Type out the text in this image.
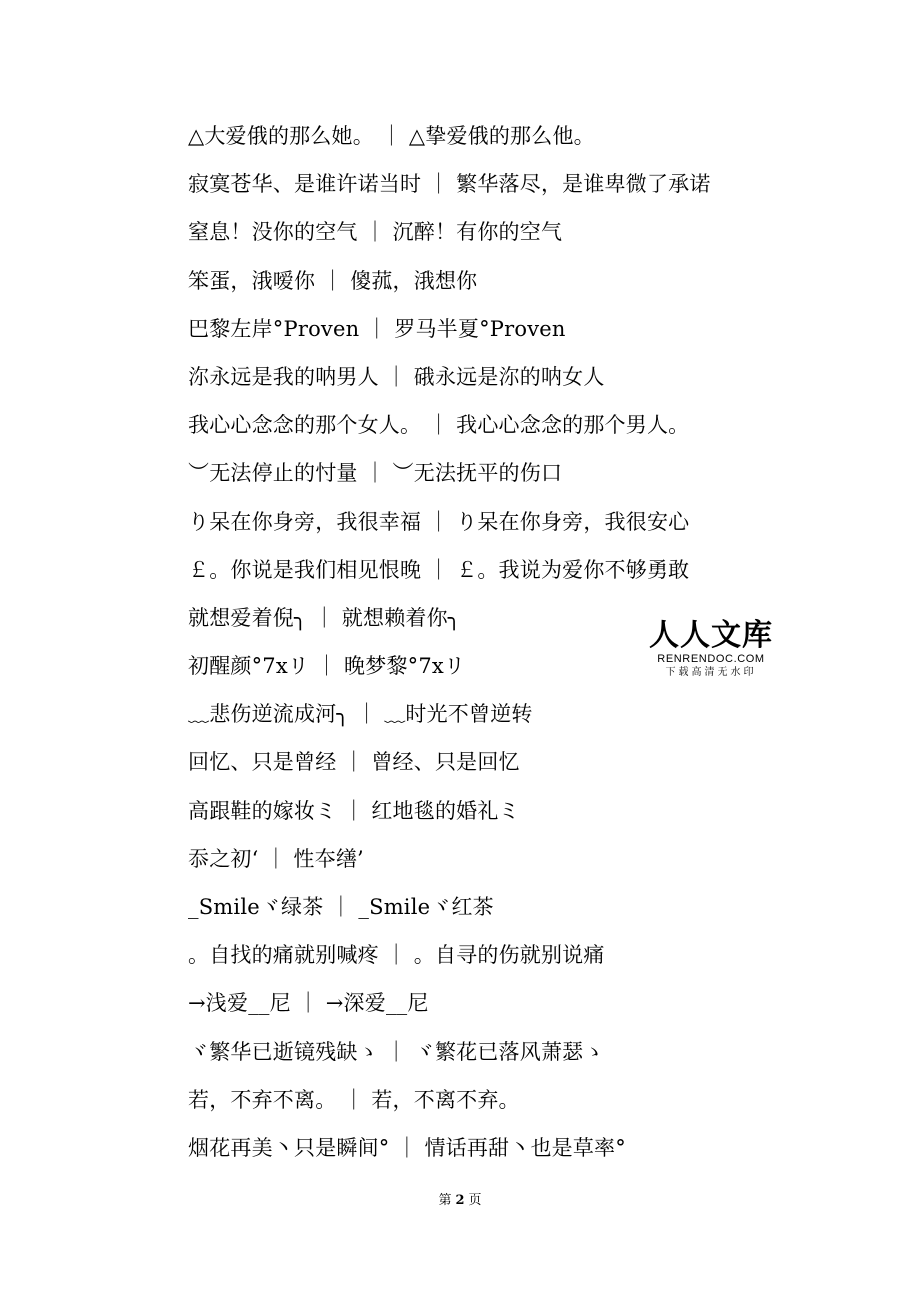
△大爱俄的那么她。 ｜ △挚爱俄的那么他。
寂寞苍华、是谁许诺当时 ｜ 繁华落尽，是谁卑微了承诺
窒息！没你的空气 ｜ 沉醉！有你的空气
笨蛋，涐嗳你 ｜ 傻菰，涐想你
巴黎左岸°Proven ｜ 罗马半夏°Proven
沵永远是我的呐男人 ｜ 硪永远是沵的呐女人
我心心念念的那个女人。 ｜ 我心心念念的那个男人。
︶无法停止的忖量 ｜ ︶无法抚平的伤口
り呆在你身旁，我很幸福 ｜ り呆在你身旁，我很安心
￡。你说是我们相见恨晚 ｜ ￡。我说为爱你不够勇敢
就想爱着倪╮ ｜ 就想赖着你╮
初醒颜°7xリ ｜ 晚梦黎°7xリ
﹏悲伤逆流成河╮ ｜ ﹏时光不曾逆转
回忆、只是曾经 ｜ 曾经、只是回忆
高跟鞋的嫁妆ミ ｜ 红地毯的婚礼ミ
忝之初‘ ｜ 性夲缮’
_Smileヾ绿茶 ｜ _Smileヾ红茶
。自找的痛就别喊疼 ｜ 。自寻的伤就别说痛
→浅爱__尼 ｜ →深爱__尼
ヾ繁华已逝镜残缺ゝ ｜ ヾ繁花已落风萧瑟ゝ
若，不弃不离。 ｜ 若，不离不弃。
烟花再美丶只是瞬间° ｜ 情话再甜丶也是草率°
人人文库
RENRENDOC.COM
下载高清无水印
第 2 页
